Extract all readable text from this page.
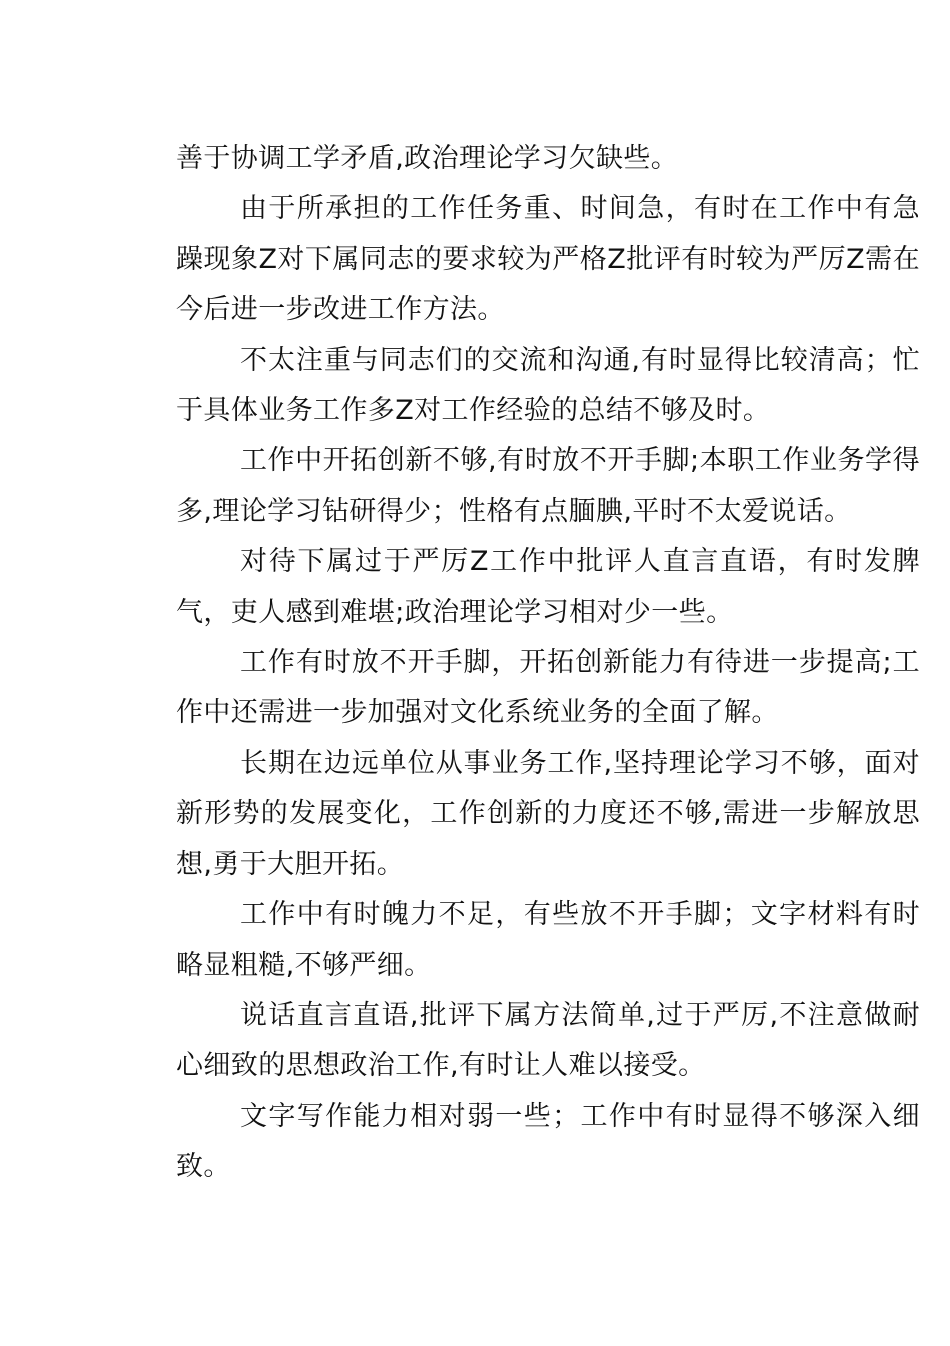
善于协调工学矛盾,政治理论学习欠缺些。

由于所承担的工作任务重、时间急，有时在工作中有急躁现象Z对下属同志的要求较为严格Z批评有时较为严厉Z需在今后进一步改进工作方法。

不太注重与同志们的交流和沟通,有时显得比较清高；忙于具体业务工作多Z对工作经验的总结不够及时。

工作中开拓创新不够,有时放不开手脚;本职工作业务学得多,理论学习钻研得少；性格有点腼腆,平时不太爱说话。

对待下属过于严厉Z工作中批评人直言直语，有时发脾气，吏人感到难堪;政治理论学习相对少一些。

工作有时放不开手脚，开拓创新能力有待进一步提高;工作中还需进一步加强对文化系统业务的全面了解。

长期在边远单位从事业务工作,坚持理论学习不够，面对新形势的发展变化，工作创新的力度还不够,需进一步解放思想,勇于大胆开拓。

工作中有时魄力不足，有些放不开手脚；文字材料有时略显粗糙,不够严细。

说话直言直语,批评下属方法简单,过于严厉,不注意做耐心细致的思想政治工作,有时让人难以接受。

文字写作能力相对弱一些；工作中有时显得不够深入细致。
